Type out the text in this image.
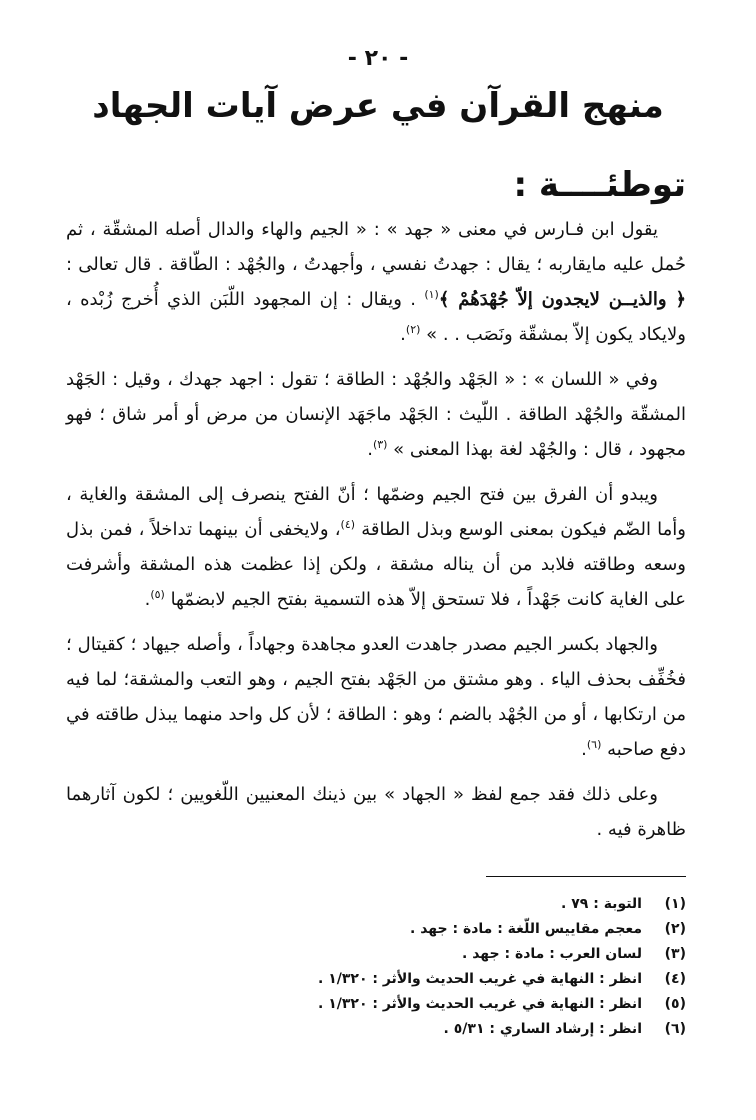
- ٢٠ -
منهج القرآن في عرض آيات الجهاد
توطئــــة :

يقول ابن فـارس في معنى « جهد » : « الجيم والهاء والدال أصله المشقّة ، ثم حُمل عليه مايقاربه ؛ يقال : جهدتُ نفسي ، وأجهدتُ ، والجُهْد : الطّاقة . قال تعالى : ﴿ والذيــن لايجدون إلاّ جُهْدَهُمْ ﴾$^{(١)}$ . ويقال : إن المجهود اللّبَن الذي أُخرج زُبْده ، ولايكاد يكون إلاّ بمشقّة ونَصَب . . » $^{(٢)}$.

وفي « اللسان » : « الجَهْد والجُهْد : الطاقة ؛ تقول : اجهد جهدك ، وقيل : الجَهْد المشقّة والجُهْد الطاقة . اللّيث : الجَهْد ماجَهَد الإنسان من مرض أو أمر شاق ؛ فهو مجهود ، قال : والجُهْد لغة بهذا المعنى » $^{(٣)}$.

ويبدو أن الفرق بين فتح الجيم وضمّها ؛ أنّ الفتح ينصرف إلى المشقة والغاية ، وأما الضّم فيكون بمعنى الوسع وبذل الطاقة $^{(٤)}$، ولايخفى أن بينهما تداخلاً ، فمن بذل وسعه وطاقته فلابد من أن يناله مشقة ، ولكن إذا عظمت هذه المشقة وأشرفت على الغاية كانت جَهْداً ، فلا تستحق إلاّ هذه التسمية بفتح الجيم لابضمّها $^{(٥)}$.

والجهاد بكسر الجيم مصدر جاهدت العدو مجاهدة وجهاداً ، وأصله جيهاد ؛ كقيتال ؛ فخُفِّف بحذف الياء . وهو مشتق من الجَهْد بفتح الجيم ، وهو التعب والمشقة؛ لما فيه من ارتكابها ، أو من الجُهْد بالضم ؛ وهو : الطاقة ؛ لأن كل واحد منهما يبذل طاقته في دفع صاحبه $^{(٦)}$.

وعلى ذلك فقد جمع لفظ « الجهاد » بين ذينك المعنيين اللّغويين ؛ لكون آثارهما ظاهرة فيه .

(١)
التوبة : ٧٩ .
(٢)
معجم مقاييس اللّغة : مادة : جهد .
(٣)
لسان العرب : مادة : جهد .
(٤)
انظر : النهاية في غريب الحديث والأثر : ١/٣٢٠ .
(٥)
انظر : النهاية في غريب الحديث والأثر : ١/٣٢٠ .
(٦)
انظر : إرشاد الساري : ٥/٣١ .
